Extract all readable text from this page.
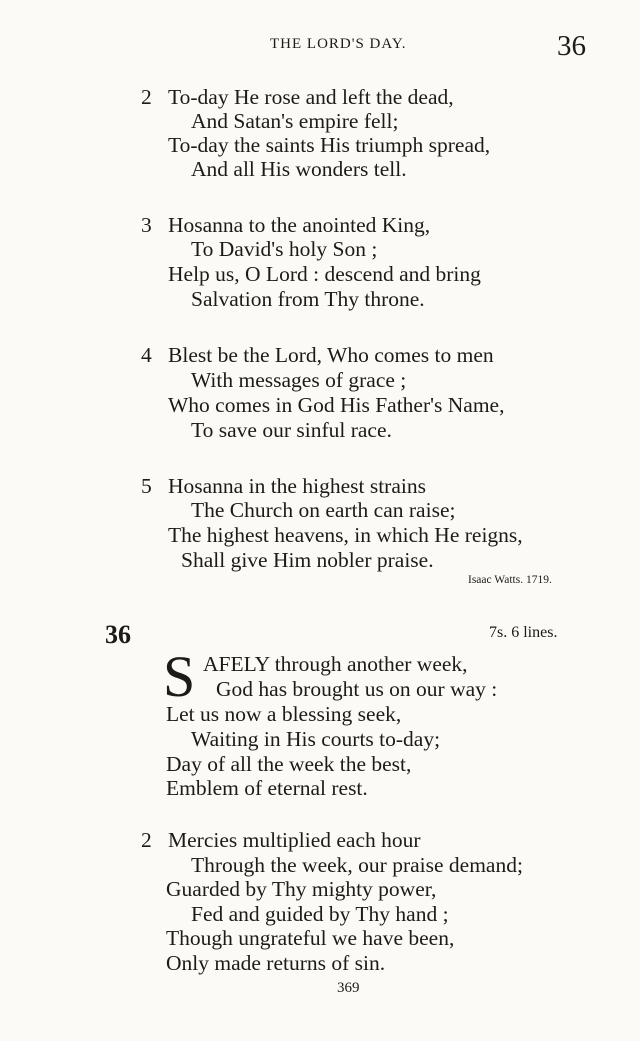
THE LORD'S DAY.	36
2 To-day He rose and left the dead,
And Satan's empire fell;
To-day the saints His triumph spread,
And all His wonders tell.
3 Hosanna to the anointed King,
To David's holy Son ;
Help us, O Lord : descend and bring
Salvation from Thy throne.
4 Blest be the Lord, Who comes to men
With messages of grace ;
Who comes in God His Father's Name,
To save our sinful race.
5 Hosanna in the highest strains
The Church on earth can raise;
The highest heavens, in which He reigns,
Shall give Him nobler praise.
Isaac Watts. 1719.
36	7s. 6 lines.
S AFELY through another week,
God has brought us on our way :
Let us now a blessing seek,
Waiting in His courts to-day;
Day of all the week the best,
Emblem of eternal rest.
2 Mercies multiplied each hour
Through the week, our praise demand;
Guarded by Thy mighty power,
Fed and guided by Thy hand ;
Though ungrateful we have been,
Only made returns of sin.
369
